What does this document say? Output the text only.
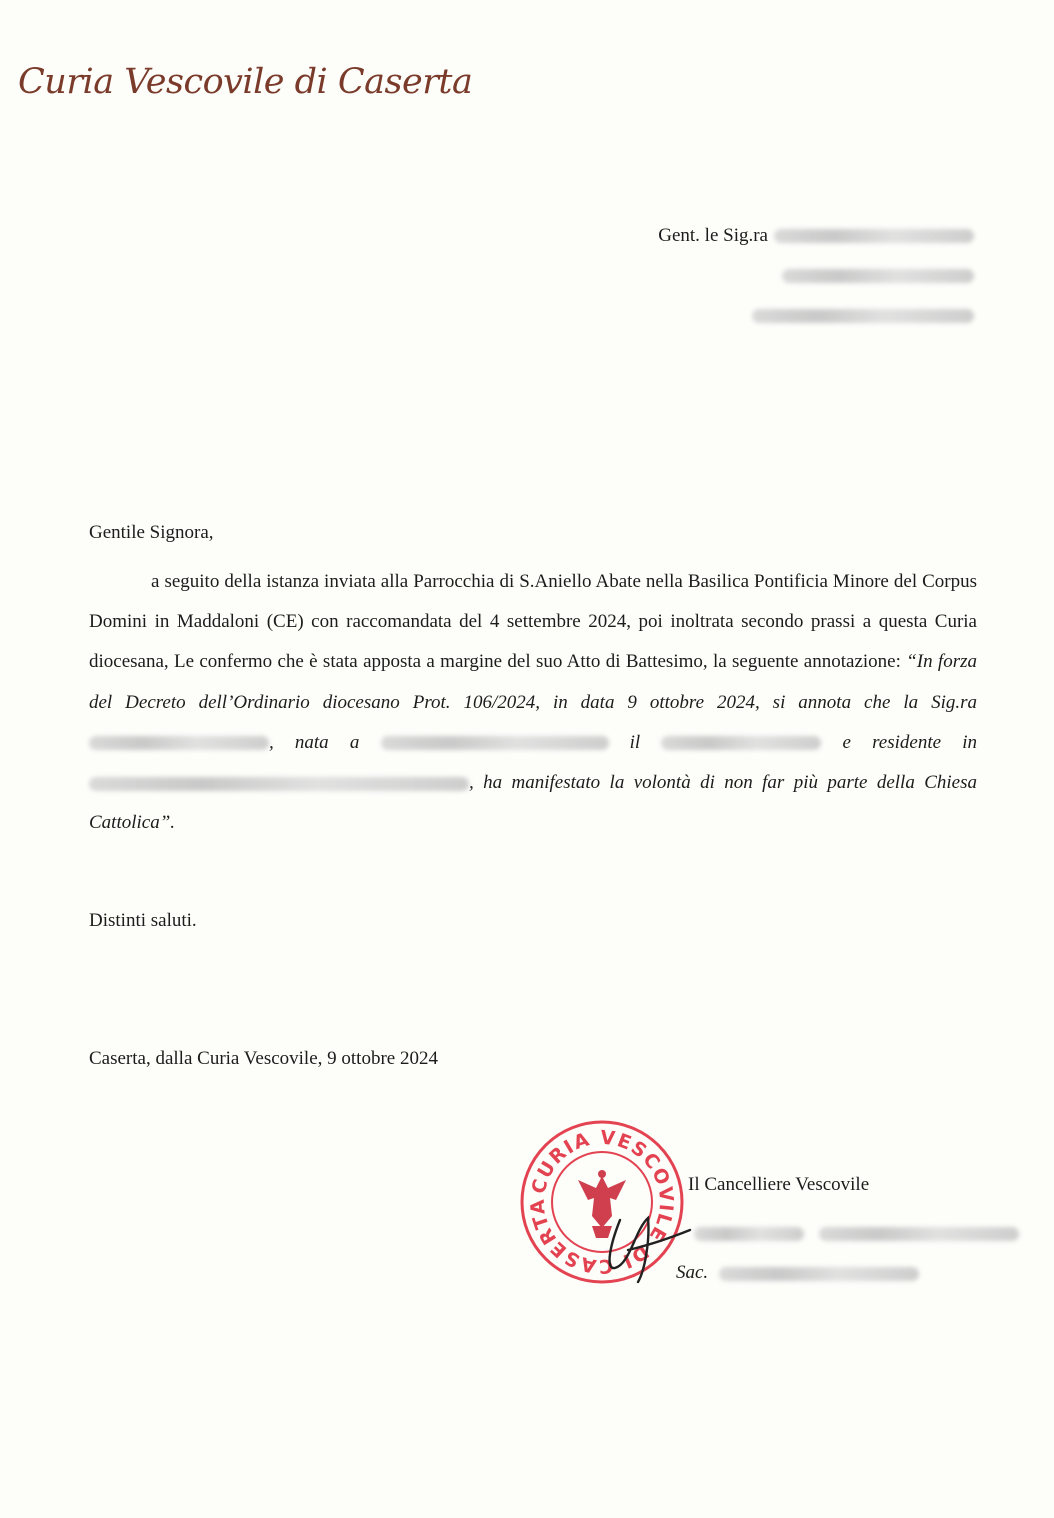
Curia Vescovile di Caserta
Gent. le Sig.ra
Gentile Signora,
a seguito della istanza inviata alla Parrocchia di S.Aniello Abate nella Basilica Pontificia Minore del Corpus Domini in Maddaloni (CE) con raccomandata del 4 settembre 2024, poi inoltrata secondo prassi a questa Curia diocesana, Le confermo che è stata apposta a margine del suo Atto di Battesimo, la seguente annotazione: “In forza del Decreto dell’Ordinario diocesano Prot. 106/2024, in data 9 ottobre 2024, si annota che la Sig.ra , nata a	il	e residente in , ha manifestato la volontà di non far più parte della Chiesa Cattolica”.
Distinti saluti.
Caserta, dalla Curia Vescovile, 9 ottobre 2024
CURIA VESCOVILE DI CASERTA
Il Cancelliere Vescovile

Sac.
